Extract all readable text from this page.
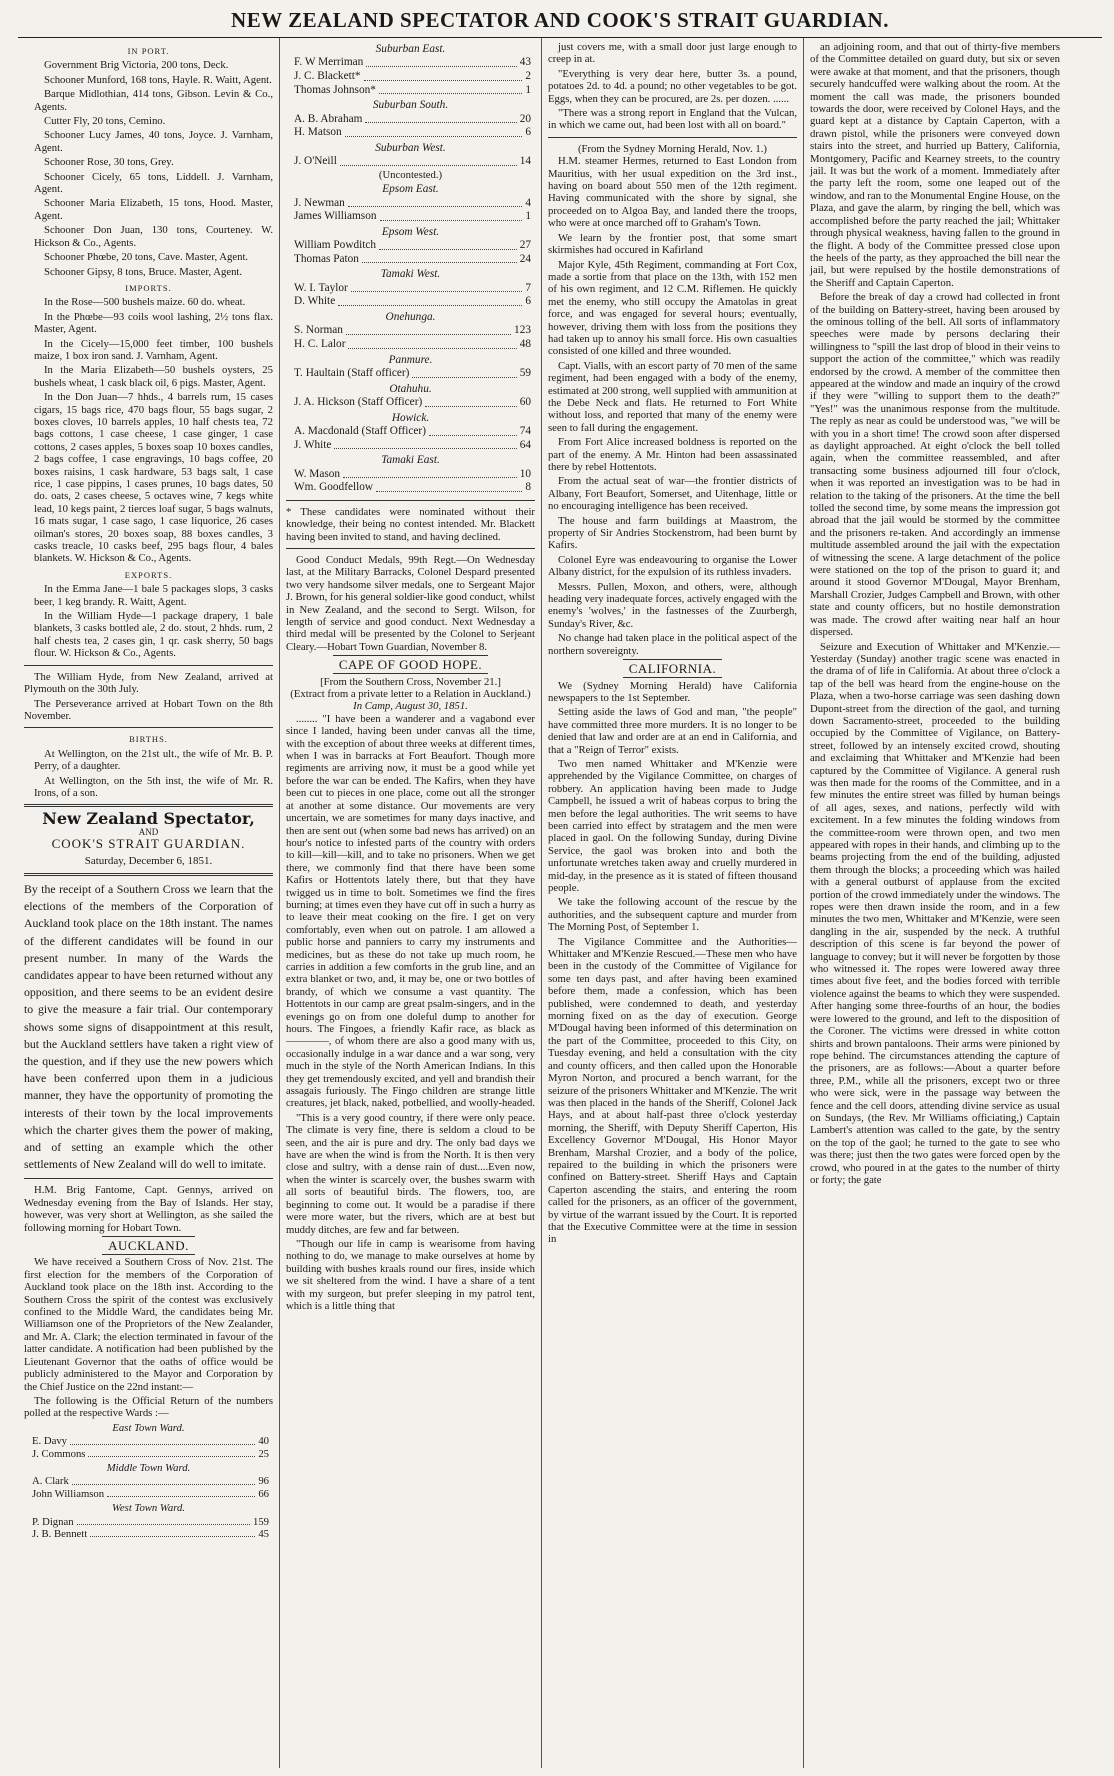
NEW ZEALAND SPECTATOR AND COOK'S STRAIT GUARDIAN.
IN PORT.

Government Brig Victoria, 200 tons, Deck.

Schooner Munford, 168 tons, Hayle. R. Waitt, Agent.

Barque Midlothian, 414 tons, Gibson. Levin & Co., Agents.

Cutter Fly, 20 tons, Cemino.

Schooner Lucy James, 40 tons, Joyce. J. Varnham, Agent.

Schooner Rose, 30 tons, Grey.

Schooner Cicely, 65 tons, Liddell. J. Varnham, Agent.

Schooner Maria Elizabeth, 15 tons, Hood. Master, Agent.

Schooner Don Juan, 130 tons, Courteney. W. Hickson & Co., Agents.

Schooner Phœbe, 20 tons, Cave. Master, Agent.

Schooner Gipsy, 8 tons, Bruce. Master, Agent.

IMPORTS.

In the Rose—500 bushels maize. 60 do. wheat.

In the Phœbe—93 coils wool lashing, 2½ tons flax. Master, Agent.

In the Cicely—15,000 feet timber, 100 bushels maize, 1 box iron sand. J. Varnham, Agent.

In the Maria Elizabeth—50 bushels oysters, 25 bushels wheat, 1 cask black oil, 6 pigs. Master, Agent.

In the Don Juan—7 hhds., 4 barrels rum, 15 cases cigars, 15 bags rice, 470 bags flour, 55 bags sugar, 2 boxes cloves, 10 barrels apples, 10 half chests tea, 72 bags cottons, 1 case cheese, 1 case ginger, 1 case cottons, 2 cases apples, 5 boxes soap 10 boxes candles, 2 bags coffee, 1 case engravings, 10 bags coffee, 20 boxes raisins, 1 cask hardware, 53 bags salt, 1 case rice, 1 case pippins, 1 cases prunes, 10 bags dates, 50 do. oats, 2 cases cheese, 5 octaves wine, 7 kegs white lead, 10 kegs paint, 2 tierces loaf sugar, 5 bags walnuts, 16 mats sugar, 1 case sago, 1 case liquorice, 26 cases oilman's stores, 20 boxes soap, 88 boxes candles, 3 casks treacle, 10 casks beef, 295 bags flour, 4 bales blankets. W. Hickson & Co., Agents.

EXPORTS.

In the Emma Jane—1 bale 5 packages slops, 3 casks beer, 1 keg brandy. R. Waitt, Agent.

In the William Hyde—1 package drapery, 1 bale blankets, 3 casks bottled ale, 2 do. stout, 2 hhds. rum, 2 half chests tea, 2 cases gin, 1 qr. cask sherry, 50 bags flour. W. Hickson & Co., Agents.

The William Hyde, from New Zealand, arrived at Plymouth on the 30th July.

The Perseverance arrived at Hobart Town on the 8th November.

BIRTHS.

At Wellington, on the 21st ult., the wife of Mr. B. P. Perry, of a daughter.

At Wellington, on the 5th inst, the wife of Mr. R. Irons, of a son.

New Zealand Spectator,
AND
COOK'S STRAIT GUARDIAN.
Saturday, December 6, 1851.

By the receipt of a Southern Cross we learn that the elections of the members of the Corporation of Auckland took place on the 18th instant. The names of the different candidates will be found in our present number. In many of the Wards the candidates appear to have been returned without any opposition, and there seems to be an evident desire to give the measure a fair trial. Our contemporary shows some signs of disappointment at this result, but the Auckland settlers have taken a right view of the question, and if they use the new powers which have been conferred upon them in a judicious manner, they have the opportunity of promoting the interests of their town by the local improvements which the charter gives them the power of making, and of setting an example which the other settlements of New Zealand will do well to imitate.

H.M. Brig Fantome, Capt. Gennys, arrived on Wednesday evening from the Bay of Islands. Her stay, however, was very short at Wellington, as she sailed the following morning for Hobart Town.

AUCKLAND.

We have received a Southern Cross of Nov. 21st. The first election for the members of the Corporation of Auckland took place on the 18th inst. According to the Southern Cross the spirit of the contest was exclusively confined to the Middle Ward, the candidates being Mr. Williamson one of the Proprietors of the New Zealander, and Mr. A. Clark; the election terminated in favour of the latter candidate. A notification had been published by the Lieutenant Governor that the oaths of office would be publicly administered to the Mayor and Corporation by the Chief Justice on the 22nd instant:—

The following is the Official Return of the numbers polled at the respective Wards :—

East Town Ward.
E. Davy	40
J. Commons	25
Middle Town Ward.
A. Clark	96
John Williamson	66
West Town Ward.
P. Dignan	159
J. B. Bennett	45
Suburban East.
F. W Merriman	43
J. C. Blackett*	2
Thomas Johnson*	1
Suburban South.
A. B. Abraham	20
H. Matson	6
Suburban West.
J. O'Neill	14
(Uncontested.)
Epsom East.
J. Newman	4
James Williamson	1
Epsom West.
William Powditch	27
Thomas Paton	24
Tamaki West.
W. I. Taylor	7
D. White	6
Onehunga.
S. Norman	123
H. C. Lalor	48
Panmure.
T. Haultain (Staff officer)	59
Otahuhu.
J. A. Hickson (Staff Officer)	60
Howick.
A. Macdonald (Staff Officer)	74
J. White	64
Tamaki East.
W. Mason	10
Wm. Goodfellow	8

* These candidates were nominated without their knowledge, their being no contest intended. Mr. Blackett having been invited to stand, and having declined.

Good Conduct Medals, 99th Regt.—On Wednesday last, at the Military Barracks, Colonel Despard presented two very handsome silver medals, one to Sergeant Major J. Brown, for his general soldier-like good conduct, whilst in New Zealand, and the second to Sergt. Wilson, for length of service and good conduct. Next Wednesday a third medal will be presented by the Colonel to Serjeant Cleary.—Hobart Town Guardian, November 8.

CAPE OF GOOD HOPE.
[From the Southern Cross, November 21.]
(Extract from a private letter to a Relation in Auckland.)
In Camp, August 30, 1851.

........ "I have been a wanderer and a vagabond ever since I landed, having been under canvas all the time, with the exception of about three weeks at different times, when I was in barracks at Fort Beaufort. Though more regiments are arriving now, it must be a good while yet before the war can be ended. The Kafirs, when they have been cut to pieces in one place, come out all the stronger at another at some distance. Our movements are very uncertain, we are sometimes for many days inactive, and then are sent out (when some bad news has arrived) on an hour's notice to infested parts of the country with orders to kill—kill—kill, and to take no prisoners. When we get there, we commonly find that there have been some Kafirs or Hottentots lately there, but that they have twigged us in time to bolt. Sometimes we find the fires burning; at times even they have cut off in such a hurry as to leave their meat cooking on the fire. I get on very comfortably, even when out on patrole. I am allowed a public horse and panniers to carry my instruments and medicines, but as these do not take up much room, he carries in addition a few comforts in the grub line, and an extra blanket or two, and, it may be, one or two bottles of brandy, of which we consume a vast quantity. The Hottentots in our camp are great psalm-singers, and in the evenings go on from one doleful dump to another for hours. The Fingoes, a friendly Kafir race, as black as ————, of whom there are also a good many with us, occasionally indulge in a war dance and a war song, very much in the style of the North American Indians. In this they get tremendously excited, and yell and brandish their assagais furiously. The Fingo children are strange little creatures, jet black, naked, potbellied, and woolly-headed.

"This is a very good country, if there were only peace. The climate is very fine, there is seldom a cloud to be seen, and the air is pure and dry. The only bad days we have are when the wind is from the North. It is then very close and sultry, with a dense rain of dust....Even now, when the winter is scarcely over, the bushes swarm with all sorts of beautiful birds. The flowers, too, are beginning to come out. It would be a paradise if there were more water, but the rivers, which are at best but muddy ditches, are few and far between.

"Though our life in camp is wearisome from having nothing to do, we manage to make ourselves at home by building with bushes kraals round our fires, inside which we sit sheltered from the wind. I have a share of a tent with my surgeon, but prefer sleeping in my patrol tent, which is a little thing that

just covers me, with a small door just large enough to creep in at.

"Everything is very dear here, butter 3s. a pound, potatoes 2d. to 4d. a pound; no other vegetables to be got. Eggs, when they can be procured, are 2s. per dozen. ......

"There was a strong report in England that the Vulcan, in which we came out, had been lost with all on board."

(From the Sydney Morning Herald, Nov. 1.)

H.M. steamer Hermes, returned to East London from Mauritius, with her usual expedition on the 3rd inst., having on board about 550 men of the 12th regiment. Having communicated with the shore by signal, she proceeded on to Algoa Bay, and landed there the troops, who were at once marched off to Graham's Town.

We learn by the frontier post, that some smart skirmishes had occured in Kafirland

Major Kyle, 45th Regiment, commanding at Fort Cox, made a sortie from that place on the 13th, with 152 men of his own regiment, and 12 C.M. Riflemen. He quickly met the enemy, who still occupy the Amatolas in great force, and was engaged for several hours; eventually, however, driving them with loss from the positions they had taken up to annoy his small force. His own casualties consisted of one killed and three wounded.

Capt. Vialls, with an escort party of 70 men of the same regiment, had been engaged with a body of the enemy, estimated at 200 strong, well supplied with ammunition at the Debe Neck and flats. He returned to Fort White without loss, and reported that many of the enemy were seen to fall during the engagement.

From Fort Alice increased boldness is reported on the part of the enemy. A Mr. Hinton had been assassinated there by rebel Hottentots.

From the actual seat of war—the frontier districts of Albany, Fort Beaufort, Somerset, and Uitenhage, little or no encouraging intelligence has been received.

The house and farm buildings at Maastrom, the property of Sir Andries Stockenstrom, had been burnt by Kafirs.

Colonel Eyre was endeavouring to organise the Lower Albany district, for the expulsion of its ruthless invaders.

Messrs. Pullen, Moxon, and others, were, although heading very inadequate forces, actively engaged with the enemy's 'wolves,' in the fastnesses of the Zuurbergh, Sunday's River, &c.

No change had taken place in the political aspect of the northern sovereignty.

CALIFORNIA.

We (Sydney Morning Herald) have California newspapers to the 1st September.

Setting aside the laws of God and man, "the people" have committed three more murders. It is no longer to be denied that law and order are at an end in California, and that a "Reign of Terror" exists.

Two men named Whittaker and M'Kenzie were apprehended by the Vigilance Committee, on charges of robbery. An application having been made to Judge Campbell, he issued a writ of habeas corpus to bring the men before the legal authorities. The writ seems to have been carried into effect by stratagem and the men were placed in gaol. On the following Sunday, during Divine Service, the gaol was broken into and both the unfortunate wretches taken away and cruelly murdered in mid-day, in the presence as it is stated of fifteen thousand people.

We take the following account of the rescue by the authorities, and the subsequent capture and murder from The Morning Post, of September 1.

The Vigilance Committee and the Authorities—Whittaker and M'Kenzie Rescued.—These men who have been in the custody of the Committee of Vigilance for some ten days past, and after having been examined before them, made a confession, which has been published, were condemned to death, and yesterday morning fixed on as the day of execution. George M'Dougal having been informed of this determination on the part of the Committee, proceeded to this City, on Tuesday evening, and held a consultation with the city and county officers, and then called upon the Honorable Myron Norton, and procured a bench warrant, for the seizure of the prisoners Whittaker and M'Kenzie. The writ was then placed in the hands of the Sheriff, Colonel Jack Hays, and at about half-past three o'clock yesterday morning, the Sheriff, with Deputy Sheriff Caperton, His Excellency Governor M'Dougal, His Honor Mayor Brenham, Marshal Crozier, and a body of the police, repaired to the building in which the prisoners were confined on Battery-street. Sheriff Hays and Captain Caperton ascending the stairs, and entering the room called for the prisoners, as an officer of the government, by virtue of the warrant issued by the Court. It is reported that the Executive Committee were at the time in session in

an adjoining room, and that out of thirty-five members of the Committee detailed on guard duty, but six or seven were awake at that moment, and that the prisoners, though securely handcuffed were walking about the room. At the moment the call was made, the prisoners bounded towards the door, were received by Colonel Hays, and the guard kept at a distance by Captain Caperton, with a drawn pistol, while the prisoners were conveyed down stairs into the street, and hurried up Battery, California, Montgomery, Pacific and Kearney streets, to the country jail. It was but the work of a moment. Immediately after the party left the room, some one leaped out of the window, and ran to the Monumental Engine House, on the Plaza, and gave the alarm, by ringing the bell, which was accomplished before the party reached the jail; Whittaker through physical weakness, having fallen to the ground in the flight. A body of the Committee pressed close upon the heels of the party, as they approached the bill near the jail, but were repulsed by the hostile demonstrations of the Sheriff and Captain Caperton.

Before the break of day a crowd had collected in front of the building on Battery-street, having been aroused by the ominous tolling of the bell. All sorts of inflammatory speeches were made by persons declaring their willingness to "spill the last drop of blood in their veins to support the action of the committee," which was readily endorsed by the crowd. A member of the committee then appeared at the window and made an inquiry of the crowd if they were "willing to support them to the death?" "Yes!" was the unanimous response from the multitude. The reply as near as could be understood was, "we will be with you in a short time! The crowd soon after dispersed as daylight approached. At eight o'clock the bell tolled again, when the committee reassembled, and after transacting some business adjourned till four o'clock, when it was reported an investigation was to be had in relation to the taking of the prisoners. At the time the bell tolled the second time, by some means the impression got abroad that the jail would be stormed by the committee and the prisoners re-taken. And accordingly an immense multitude assembled around the jail with the expectation of witnessing the scene. A large detachment of the police were stationed on the top of the prison to guard it; and around it stood Governor M'Dougal, Mayor Brenham, Marshall Crozier, Judges Campbell and Brown, with other state and county officers, but no hostile demonstration was made. The crowd after waiting near half an hour dispersed.

Seizure and Execution of Whittaker and M'Kenzie.—Yesterday (Sunday) another tragic scene was enacted in the drama of of life in California. At about three o'clock a tap of the bell was heard from the engine-house on the Plaza, when a two-horse carriage was seen dashing down Dupont-street from the direction of the gaol, and turning down Sacramento-street, proceeded to the building occupied by the Committee of Vigilance, on Battery-street, followed by an intensely excited crowd, shouting and exclaiming that Whittaker and M'Kenzie had been captured by the Committee of Vigilance. A general rush was then made for the rooms of the Committee, and in a few minutes the entire street was filled by human beings of all ages, sexes, and nations, perfectly wild with excitement. In a few minutes the folding windows from the committee-room were thrown open, and two men appeared with ropes in their hands, and climbing up to the beams projecting from the end of the building, adjusted them through the blocks; a proceeding which was hailed with a general outburst of applause from the excited portion of the crowd immediately under the windows. The ropes were then drawn inside the room, and in a few minutes the two men, Whittaker and M'Kenzie, were seen dangling in the air, suspended by the neck. A truthful description of this scene is far beyond the power of language to convey; but it will never be forgotten by those who witnessed it. The ropes were lowered away three times about five feet, and the bodies forced with terrible violence against the beams to which they were suspended. After hanging some three-fourths of an hour, the bodies were lowered to the ground, and left to the disposition of the Coroner. The victims were dressed in white cotton shirts and brown pantaloons. Their arms were pinioned by rope behind. The circumstances attending the capture of the prisoners, are as follows:—About a quarter before three, P.M., while all the prisoners, except two or three who were sick, were in the passage way between the fence and the cell doors, attending divine service as usual on Sundays, (the Rev. Mr Williams officiating,) Captain Lambert's attention was called to the gate, by the sentry on the top of the gaol; he turned to the gate to see who was there; just then the two gates were forced open by the crowd, who poured in at the gates to the number of thirty or forty; the gate
